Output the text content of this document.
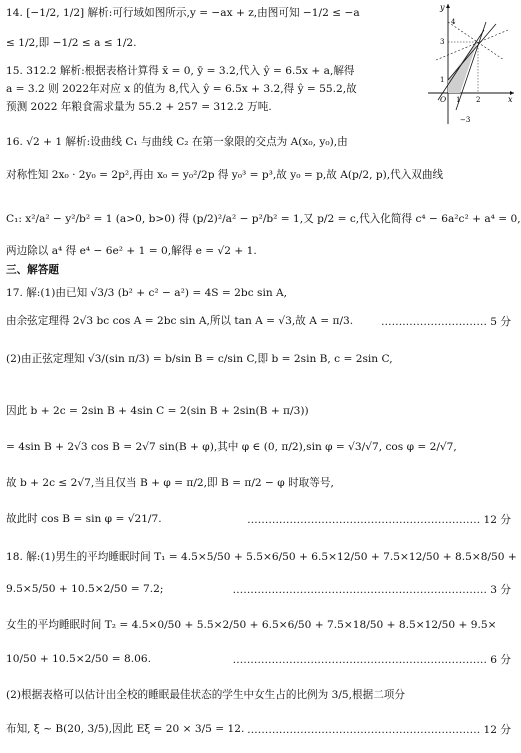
14. [−1/2, 1/2] 解析:可行域如图所示,y = −ax + z,由图可知 −1/2 ≤ −a
≤ 1/2,即 −1/2 ≤ a ≤ 1/2.
15. 312.2 解析:根据表格计算得 x̄ = 0, ȳ = 3.2,代入 ŷ = 6.5x + a,解得
a = 3.2 则 2022年对应 x 的值为 8,代入 ŷ = 6.5x + 3.2,得 ŷ = 55.2,故
预测 2022 年粮食需求量为 55.2 + 257 = 312.2 万吨.
16. √2 + 1 解析:设曲线 C₁ 与曲线 C₂ 在第一象限的交点为 A(x₀, y₀),由
对称性知 2x₀ · 2y₀ = 2p²,再由 x₀ = y₀²/2p 得 y₀³ = p³,故 y₀ = p,故 A(p/2, p),代入双曲线
C₁: x²/a² − y²/b² = 1 (a>0, b>0) 得 (p/2)²/a² − p²/b² = 1,又 p/2 = c,代入化简得 c⁴ − 6a²c² + a⁴ = 0,
两边除以 a⁴ 得 e⁴ − 6e² + 1 = 0,解得 e = √2 + 1.
三、解答题
17. 解:(1)由已知 √3/3 (b² + c² − a²) = 4S = 2bc sin A,
由余弦定理得 2√3 bc cos A = 2bc sin A,所以 tan A = √3,故 A = π/3.	………………………… 5 分
(2)由正弦定理知 √3/(sin π/3) = b/sin B = c/sin C,即 b = 2sin B, c = 2sin C,
因此 b + 2c = 2sin B + 4sin C = 2(sin B + 2sin(B + π/3))
= 4sin B + 2√3 cos B = 2√7 sin(B + φ),其中 φ ∈ (0, π/2),sin φ = √3/√7, cos φ = 2/√7,
故 b + 2c ≤ 2√7,当且仅当 B + φ = π/2,即 B = π/2 − φ 时取等号,
故此时 cos B = sin φ = √21/7.	………………………………………………………… 12 分
18. 解:(1)男生的平均睡眠时间 T₁ = 4.5×5/50 + 5.5×6/50 + 6.5×12/50 + 7.5×12/50 + 8.5×8/50 +
9.5×5/50 + 10.5×2/50 = 7.2;	……………………………………………………………… 3 分
女生的平均睡眠时间 T₂ = 4.5×0/50 + 5.5×2/50 + 6.5×6/50 + 7.5×18/50 + 8.5×12/50 + 9.5×
10/50 + 10.5×2/50 = 8.06.	……………………………………………………………… 6 分
(2)根据表格可以估计出全校的睡眠最佳状态的学生中女生占的比例为 3/5,根据二项分
布知, ξ ~ B(20, 3/5),因此 Eξ = 20 × 3/5 = 12. ………………………………………………………… 12 分
y
x
O
4
3
1
1 2
−3
